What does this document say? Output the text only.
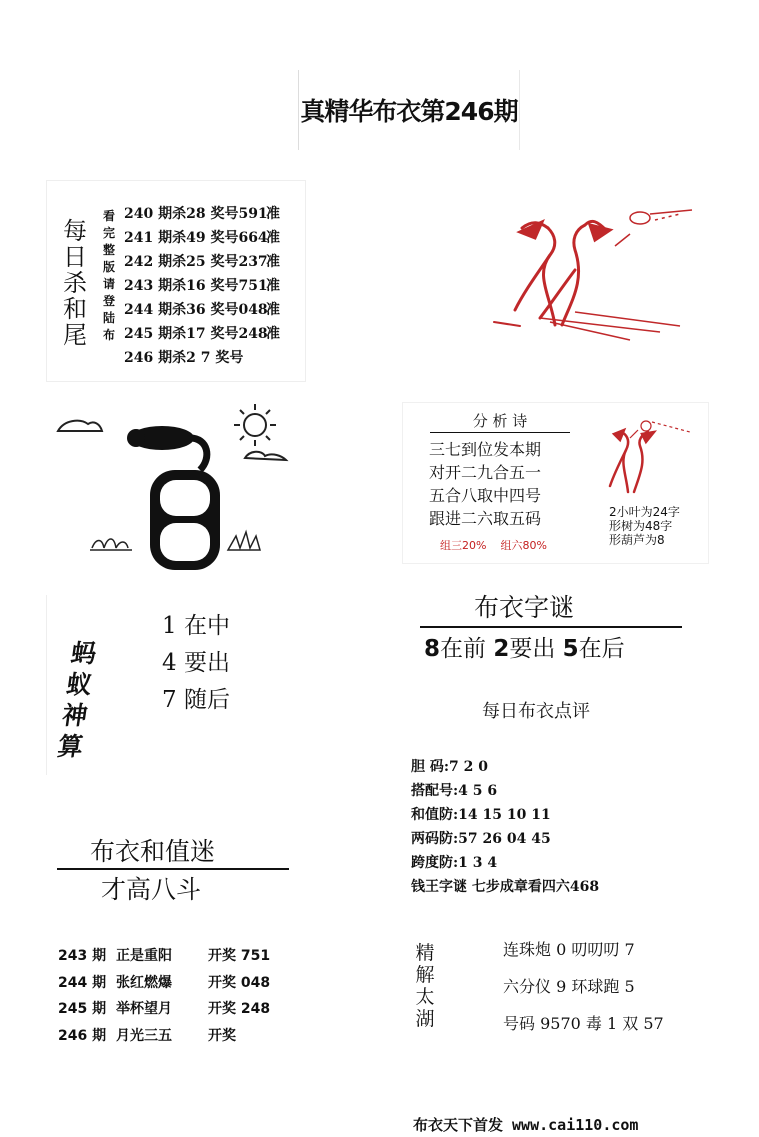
真精华布衣第246期
每
日
杀
和
尾
看
完
整
版
请
登
陆
布
240 期杀28 奖号591准
241 期杀49 奖号664准
242 期杀25 奖号237准
243 期杀16 奖号751准
244 期杀36 奖号048准
245 期杀17 奖号248准
246 期杀2 7 奖号
分 析 诗
三七到位发本期
对开二九合五一
五合八取中四号
跟进二六取五码
组三20% 组六80%
2小叶为24字
形树为48字
形葫芦为8
蚂
蚁
神
算
1 在中
4 要出
7 随后
布衣字谜
8在前 2要出 5在后
每日布衣点评
胆 码:7 2 0
搭配号:4 5 6
和值防:14 15 10 11
两码防:57 26 04 45
跨度防:1 3 4
钱王字谜 七步成章看四六468
布衣和值迷
才高八斗
243 期 正是重阳	开奖 751
244 期 张红燃爆	开奖 048
245 期 举杯望月	开奖 248
246 期 月光三五	开奖
精
解
太
湖
连珠炮 0 叨叨叨 7
六分仪 9 环球跑 5
号码 9570 毒 1 双 57
布衣天下首发 www.cai110.com
